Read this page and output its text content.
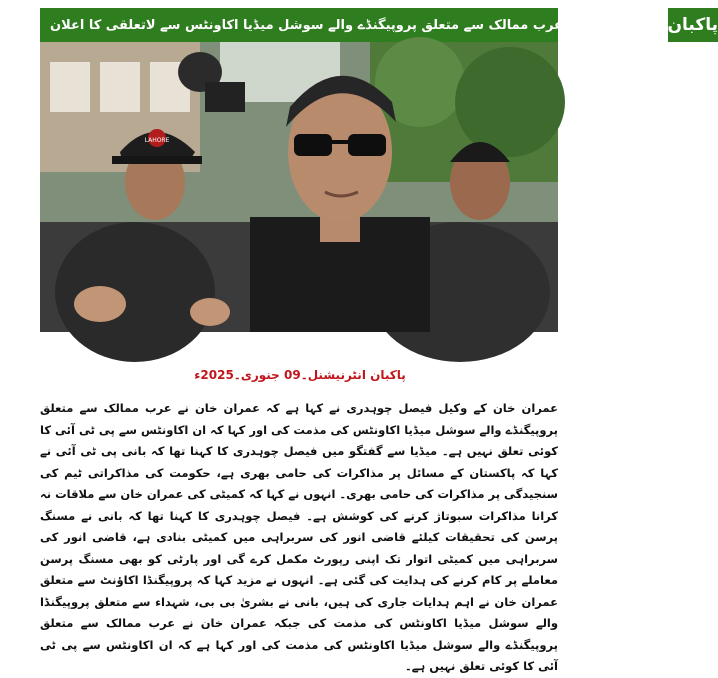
عمران خان کا عرب ممالک سے متعلق پروپیگنڈے والے سوشل میڈیا اکاونٹس سے لاتعلقی کا اعلان پاکبان
LAHORE
پاکبان انٹرنیشنل۔09 جنوری۔2025ء

عمران خان کے وکیل فیصل چوہدری نے کہا ہے کہ عمران خان نے عرب ممالک سے متعلق پروپیگنڈے والے سوشل میڈیا اکاونٹس کی مذمت کی اور کہا کہ ان اکاونٹس سے پی ٹی آئی کا کوئی تعلق نہیں ہے۔ میڈیا سے گفتگو میں فیصل چوہدری کا کہنا تھا کہ بانی پی ٹی آئی نے کہا کہ پاکستان کے مسائل پر مذاکرات کی حامی بھری ہے، حکومت کی مذاکراتی ٹیم کی سنجیدگی پر مذاکرات کی حامی بھری۔ انہوں نے کہا کہ کمیٹی کی عمران خان سے ملاقات نہ کرانا مذاکرات سبوتاژ کرنے کی کوشش ہے۔ فیصل چوہدری کا کہنا تھا کہ بانی نے مسنگ پرسن کی تحقیقات کیلئے قاضی انور کی سربراہی میں کمیٹی بنادی ہے، قاضی انور کی سربراہی میں کمیٹی اتوار تک اپنی رپورٹ مکمل کرے گی اور پارٹی کو بھی مسنگ پرسن معاملے پر کام کرنے کی ہدایت کی گئی ہے۔ انہوں نے مزید کہا کہ پروپیگنڈا اکاؤنٹ سے متعلق عمران خان نے اہم ہدایات جاری کی ہیں، بانی نے بشریٰ بی بی، شہداء سے متعلق پروپیگنڈا والے سوشل میڈیا اکاونٹس کی مذمت کی جبکہ عمران خان نے عرب ممالک سے متعلق پروپیگنڈے والے سوشل میڈیا اکاونٹس کی مذمت کی اور کہا ہے کہ ان اکاونٹس سے پی ٹی آئی کا کوئی تعلق نہیں ہے۔
